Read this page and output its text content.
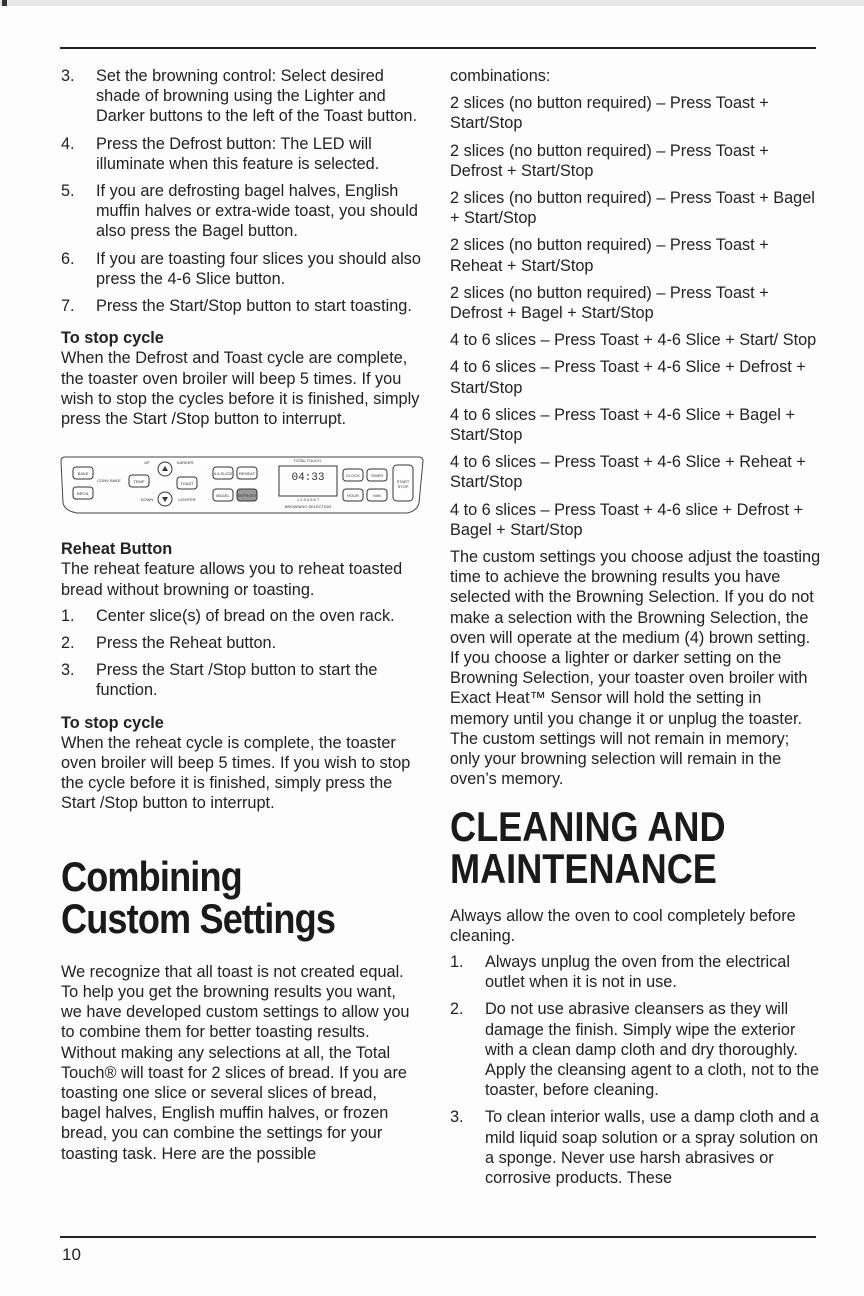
3. Set the browning control: Select desired shade of browning using the Lighter and Darker buttons to the left of the Toast button.
4. Press the Defrost button: The LED will illuminate when this feature is selected.
5. If you are defrosting bagel halves, English muffin halves or extra-wide toast, you should also press the Bagel button.
6. If you are toasting four slices you should also press the 4-6 Slice button.
7. Press the Start/Stop button to start toasting.
To stop cycle

When the Defrost and Toast cycle are complete, the toaster oven broiler will beep 5 times. If you wish to stop the cycles before it is finished, simply press the Start /Stop button to interrupt.

BAKE
BROIL
CONV BAKE	TEMP
UP
DOWN
DARKER
LIGHTER
TOAST
4-6 SLICE REHEAT
BAGEL DEFROST
TOTAL TOUCH
04:33
1 2 3 4 5 6 7
BROWNING SELECTION
CLOCK	TIMER
HOUR	MIN
START
STOP
Reheat Button

The reheat feature allows you to reheat toasted bread without browning or toasting.

1. Center slice(s) of bread on the oven rack.
2. Press the Reheat button.
3. Press the Start /Stop button to start the function.
To stop cycle

When the reheat cycle is complete, the toaster oven broiler will beep 5 times. If you wish to stop the cycle before it is finished, simply press the Start /Stop button to interrupt.

Combining
Custom Settings

We recognize that all toast is not created equal. To help you get the browning results you want, we have developed custom settings to allow you to combine them for better toasting results. Without making any selections at all, the Total Touch® will toast for 2 slices of bread. If you are toasting one slice or several slices of bread, bagel halves, English muffin halves, or frozen bread, you can combine the settings for your toasting task. Here are the possible

combinations:

2 slices (no button required) – Press Toast + Start/Stop

2 slices (no button required) – Press Toast + Defrost + Start/Stop

2 slices (no button required) – Press Toast + Bagel + Start/Stop

2 slices (no button required) – Press Toast + Reheat + Start/Stop

2 slices (no button required) – Press Toast + Defrost + Bagel + Start/Stop

4 to 6 slices – Press Toast + 4-6 Slice + Start/ Stop

4 to 6 slices – Press Toast + 4-6 Slice + Defrost + Start/Stop

4 to 6 slices – Press Toast + 4-6 Slice + Bagel + Start/Stop

4 to 6 slices – Press Toast + 4-6 Slice + Reheat + Start/Stop

4 to 6 slices – Press Toast + 4-6 slice + Defrost + Bagel + Start/Stop

The custom settings you choose adjust the toasting time to achieve the browning results you have selected with the Browning Selection. If you do not make a selection with the Browning Selection, the oven will operate at the medium (4) brown setting. If you choose a lighter or darker setting on the Browning Selection, your toaster oven broiler with Exact Heat™ Sensor will hold the setting in memory until you change it or unplug the toaster. The custom settings will not remain in memory; only your browning selection will remain in the oven’s memory.

CLEANING AND
MAINTENANCE

Always allow the oven to cool completely before cleaning.

1. Always unplug the oven from the electrical outlet when it is not in use.
2. Do not use abrasive cleansers as they will damage the finish. Simply wipe the exterior with a clean damp cloth and dry thoroughly. Apply the cleansing agent to a cloth, not to the toaster, before cleaning.
3. To clean interior walls, use a damp cloth and a mild liquid soap solution or a spray solution on a sponge. Never use harsh abrasives or corrosive products. These
10
